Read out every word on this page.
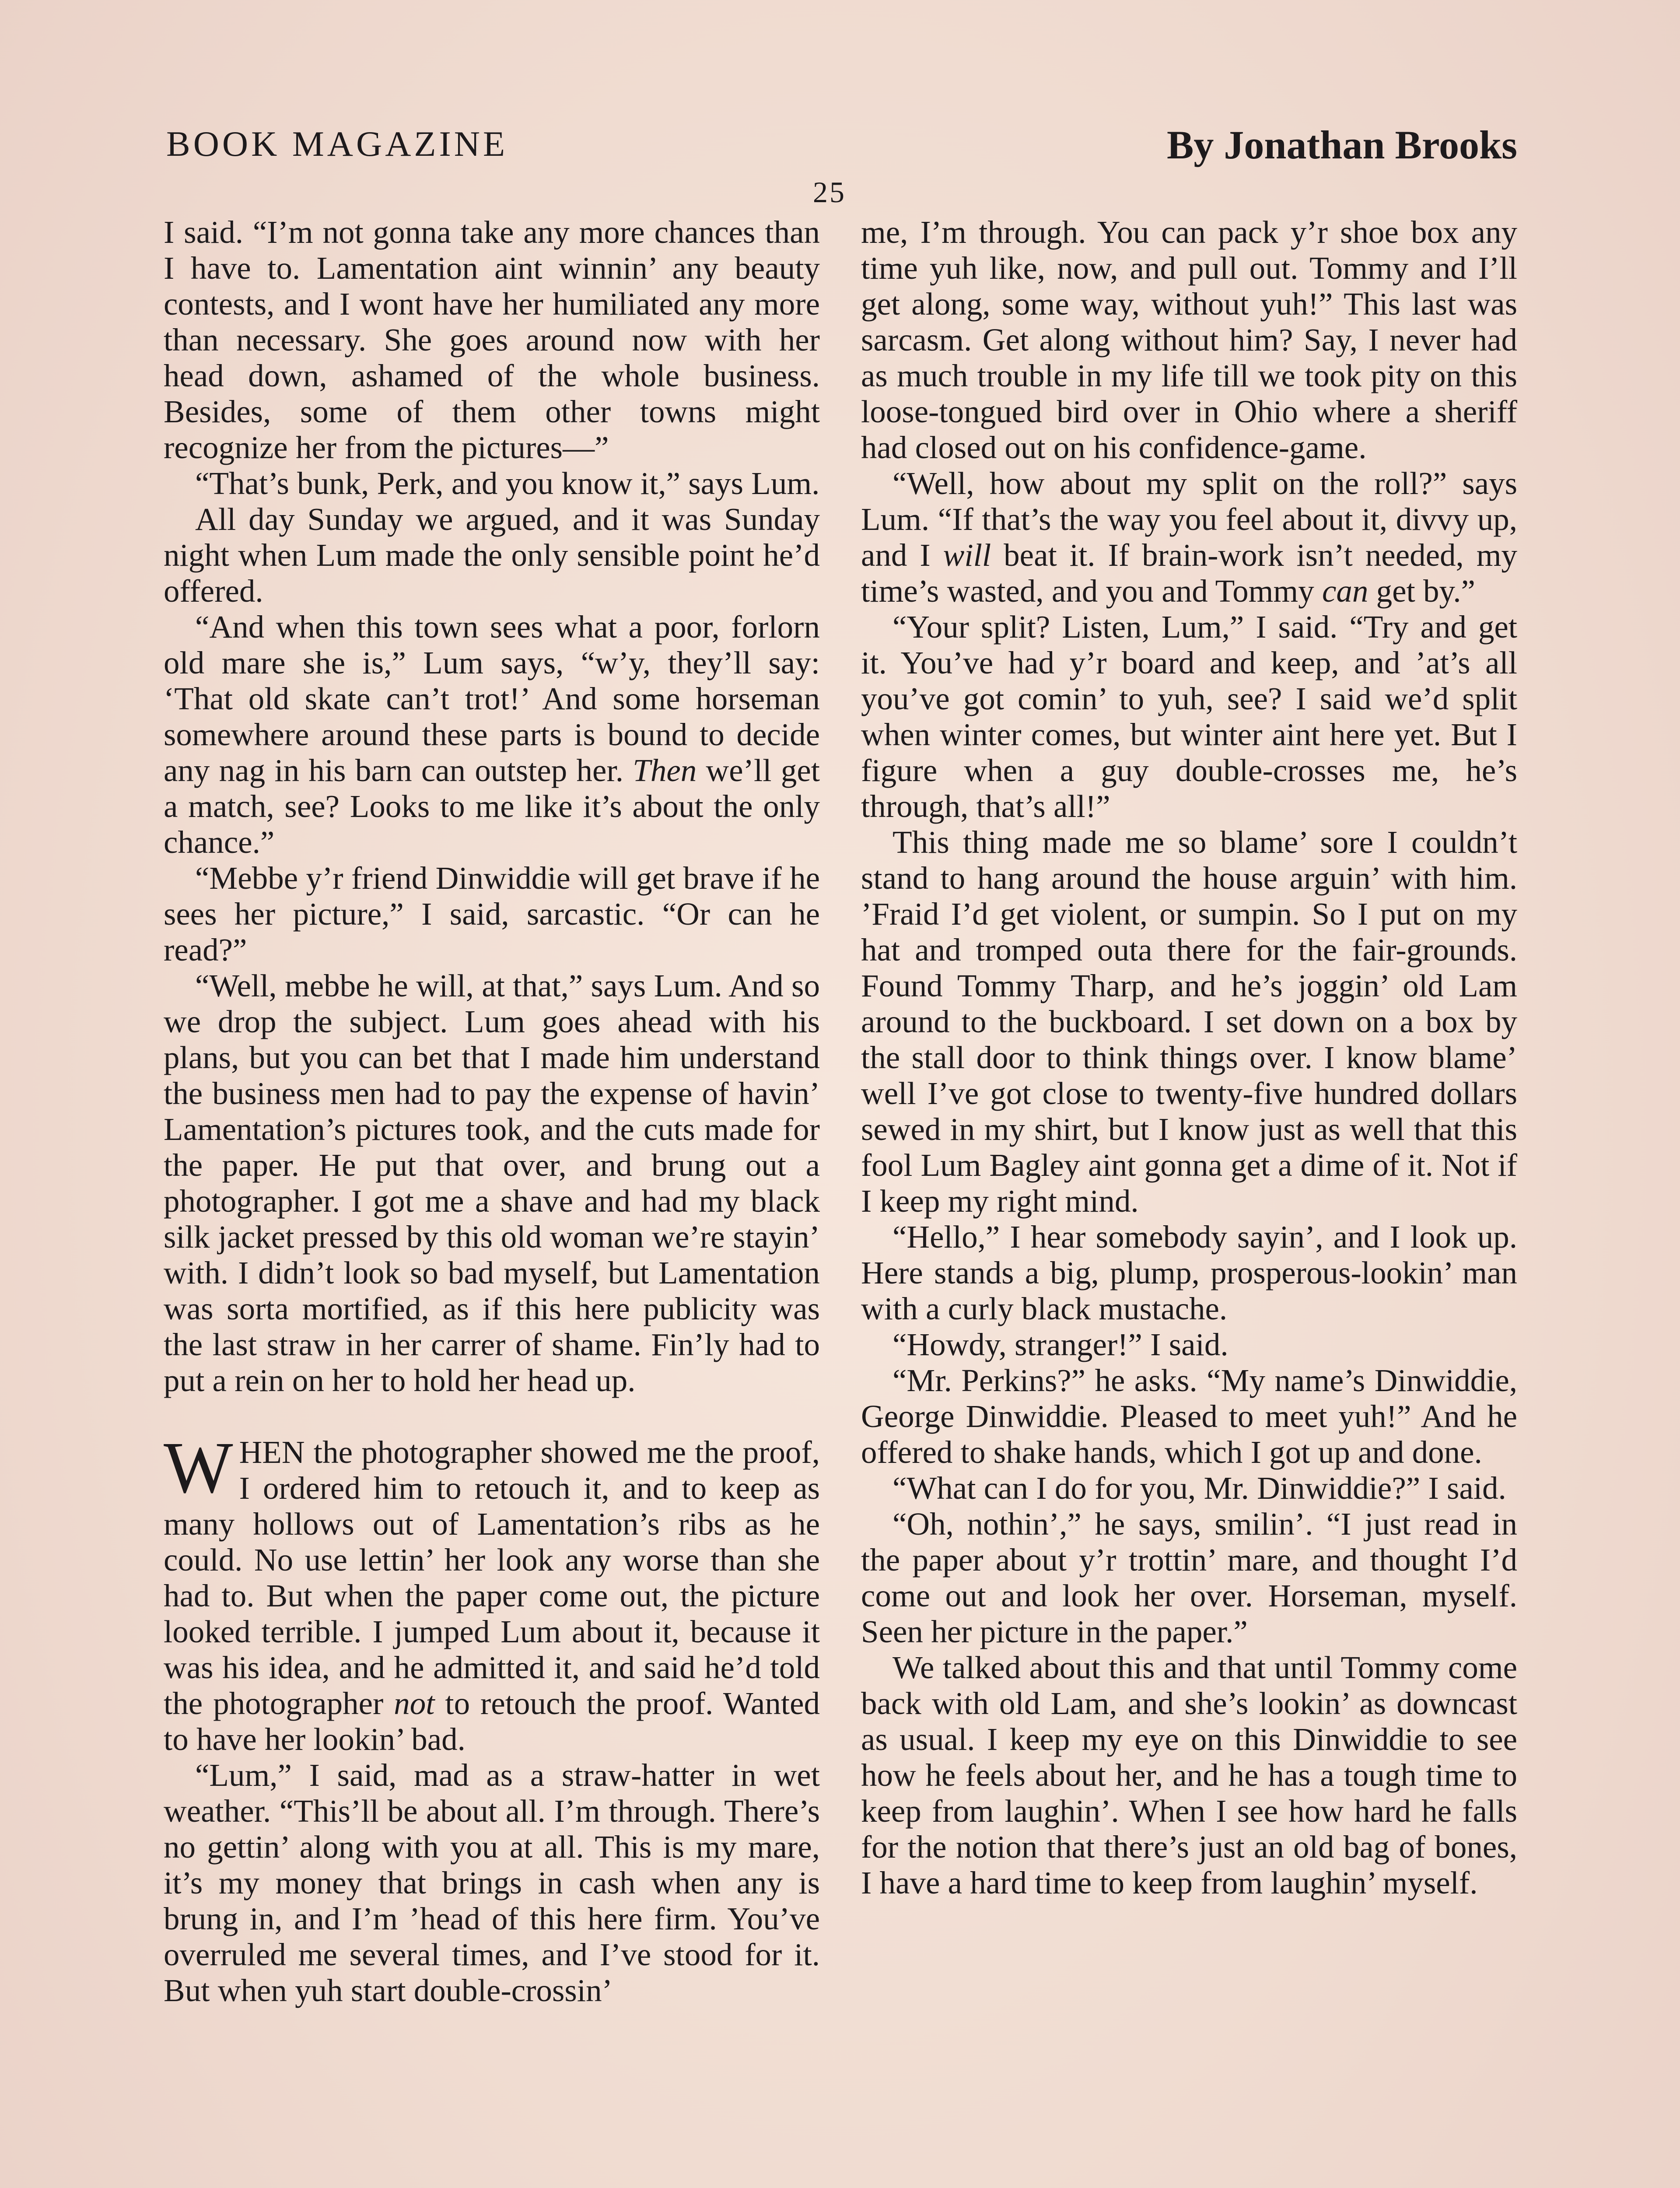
BOOK MAGAZINE	By Jonathan Brooks
25

I said. “I’m not gonna take any more chances than I have to. Lamentation aint winnin’ any beauty contests, and I wont have her humiliated any more than necessary. She goes around now with her head down, ashamed of the whole business. Besides, some of them other towns might recognize her from the pictures—”

“That’s bunk, Perk, and you know it,” says Lum.

All day Sunday we argued, and it was Sunday night when Lum made the only sensible point he’d offered.

“And when this town sees what a poor, forlorn old mare she is,” Lum says, “w’y, they’ll say: ‘That old skate can’t trot!’ And some horseman somewhere around these parts is bound to decide any nag in his barn can outstep her. Then we’ll get a match, see? Looks to me like it’s about the only chance.”

“Mebbe y’r friend Dinwiddie will get brave if he sees her picture,” I said, sarcastic. “Or can he read?”

“Well, mebbe he will, at that,” says Lum. And so we drop the subject. Lum goes ahead with his plans, but you can bet that I made him understand the business men had to pay the expense of havin’ Lamentation’s pictures took, and the cuts made for the paper. He put that over, and brung out a photographer. I got me a shave and had my black silk jacket pressed by this old woman we’re stayin’ with. I didn’t look so bad myself, but Lamentation was sorta mortified, as if this here publicity was the last straw in her carrer of shame. Fin’ly had to put a rein on her to hold her head up.

WHEN the photographer showed me the proof, I ordered him to retouch it, and to keep as many hollows out of Lamentation’s ribs as he could. No use lettin’ her look any worse than she had to. But when the paper come out, the picture looked terrible. I jumped Lum about it, because it was his idea, and he admitted it, and said he’d told the photographer not to retouch the proof. Wanted to have her lookin’ bad.

“Lum,” I said, mad as a straw-hatter in wet weather. “This’ll be about all. I’m through. There’s no gettin’ along with you at all. This is my mare, it’s my money that brings in cash when any is brung in, and I’m ’head of this here firm. You’ve overruled me several times, and I’ve stood for it. But when yuh start double-crossin’

me, I’m through. You can pack y’r shoe box any time yuh like, now, and pull out. Tommy and I’ll get along, some way, without yuh!” This last was sarcasm. Get along without him? Say, I never had as much trouble in my life till we took pity on this loose-tongued bird over in Ohio where a sheriff had closed out on his confidence-game.

“Well, how about my split on the roll?” says Lum. “If that’s the way you feel about it, divvy up, and I will beat it. If brain-work isn’t needed, my time’s wasted, and you and Tommy can get by.”

“Your split? Listen, Lum,” I said. “Try and get it. You’ve had y’r board and keep, and ’at’s all you’ve got comin’ to yuh, see? I said we’d split when winter comes, but winter aint here yet. But I figure when a guy double-crosses me, he’s through, that’s all!”

This thing made me so blame’ sore I couldn’t stand to hang around the house arguin’ with him. ’Fraid I’d get violent, or sumpin. So I put on my hat and tromped outa there for the fair-grounds. Found Tommy Tharp, and he’s joggin’ old Lam around to the buckboard. I set down on a box by the stall door to think things over. I know blame’ well I’ve got close to twenty-five hundred dollars sewed in my shirt, but I know just as well that this fool Lum Bagley aint gonna get a dime of it. Not if I keep my right mind.

“Hello,” I hear somebody sayin’, and I look up. Here stands a big, plump, prosperous-lookin’ man with a curly black mustache.

“Howdy, stranger!” I said.

“Mr. Perkins?” he asks. “My name’s Dinwiddie, George Dinwiddie. Pleased to meet yuh!” And he offered to shake hands, which I got up and done.

“What can I do for you, Mr. Dinwiddie?” I said.

“Oh, nothin’,” he says, smilin’. “I just read in the paper about y’r trottin’ mare, and thought I’d come out and look her over. Horseman, myself. Seen her picture in the paper.”

We talked about this and that until Tommy come back with old Lam, and she’s lookin’ as downcast as usual. I keep my eye on this Dinwiddie to see how he feels about her, and he has a tough time to keep from laughin’. When I see how hard he falls for the notion that there’s just an old bag of bones, I have a hard time to keep from laughin’ myself.
